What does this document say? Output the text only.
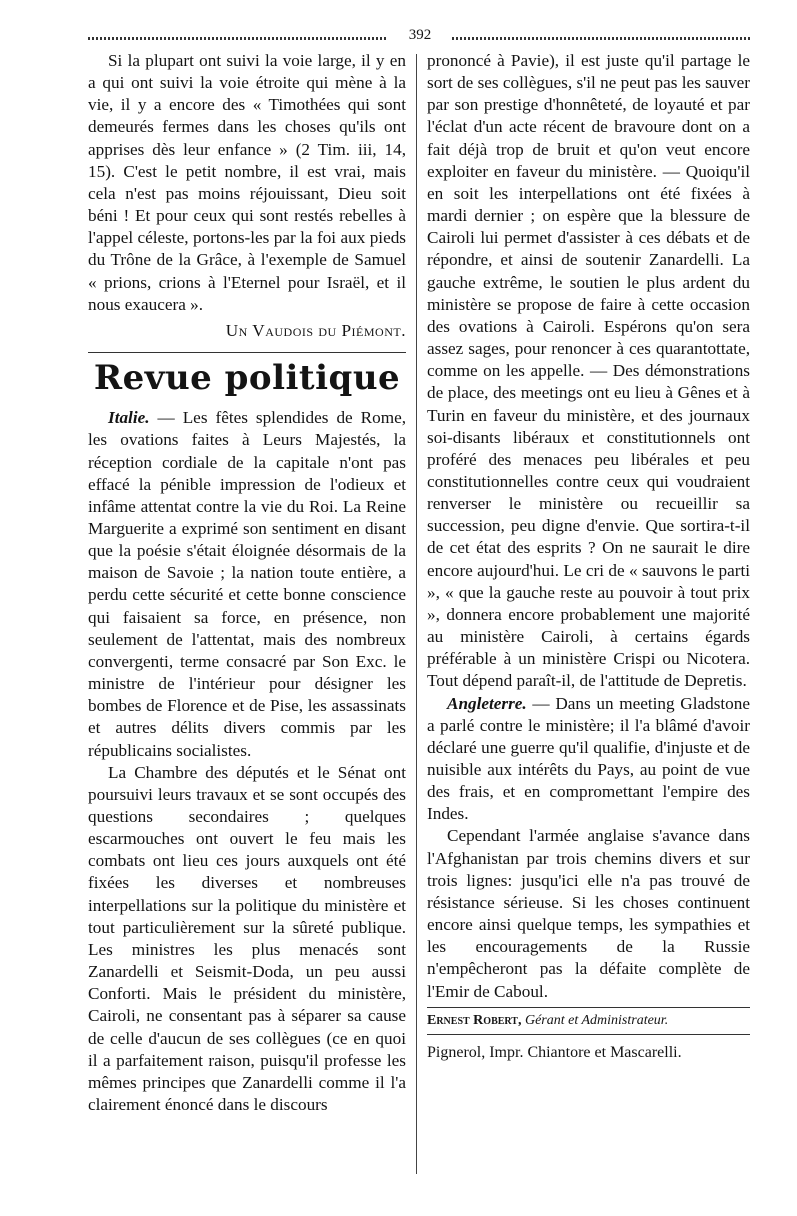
392

Si la plupart ont suivi la voie large, il y en a qui ont suivi la voie étroite qui mène à la vie, il y a encore des « Timothées qui sont demeurés fermes dans les choses qu'ils ont apprises dès leur enfance » (2 Tim. iii, 14, 15). C'est le petit nombre, il est vrai, mais cela n'est pas moins réjouissant, Dieu soit béni ! Et pour ceux qui sont restés rebelles à l'appel céleste, portons-les par la foi aux pieds du Trône de la Grâce, à l'exemple de Samuel « prions, crions à l'Eternel pour Israël, et il nous exaucera ».

Un Vaudois du Piémont.

Revue politique

Italie. — Les fêtes splendides de Rome, les ovations faites à Leurs Majestés, la réception cordiale de la capitale n'ont pas effacé la pénible impression de l'odieux et infâme attentat contre la vie du Roi. La Reine Marguerite a exprimé son sentiment en disant que la poésie s'était éloignée désormais de la maison de Savoie ; la nation toute entière, a perdu cette sécurité et cette bonne conscience qui faisaient sa force, en présence, non seulement de l'attentat, mais des nombreux convergenti, terme consacré par Son Exc. le ministre de l'intérieur pour désigner les bombes de Florence et de Pise, les assassinats et autres délits divers commis par les républicains socialistes.

La Chambre des députés et le Sénat ont poursuivi leurs travaux et se sont occupés des questions secondaires ; quelques escarmouches ont ouvert le feu mais les combats ont lieu ces jours auxquels ont été fixées les diverses et nombreuses interpellations sur la politique du ministère et tout particulièrement sur la sûreté publique. Les ministres les plus menacés sont Zanardelli et Seismit-Doda, un peu aussi Conforti. Mais le président du ministère, Cairoli, ne consentant pas à séparer sa cause de celle d'aucun de ses collègues (ce en quoi il a parfaitement raison, puisqu'il professe les mêmes principes que Zanardelli comme il l'a clairement énoncé dans le discours

prononcé à Pavie), il est juste qu'il partage le sort de ses collègues, s'il ne peut pas les sauver par son prestige d'honnêteté, de loyauté et par l'éclat d'un acte récent de bravoure dont on a fait déjà trop de bruit et qu'on veut encore exploiter en faveur du ministère. — Quoiqu'il en soit les interpellations ont été fixées à mardi dernier ; on espère que la blessure de Cairoli lui permet d'assister à ces débats et de répondre, et ainsi de soutenir Zanardelli. La gauche extrême, le soutien le plus ardent du ministère se propose de faire à cette occasion des ovations à Cairoli. Espérons qu'on sera assez sages, pour renoncer à ces quarantottate, comme on les appelle. — Des démonstrations de place, des meetings ont eu lieu à Gênes et à Turin en faveur du ministère, et des journaux soi-disants libéraux et constitutionnels ont proféré des menaces peu libérales et peu constitutionnelles contre ceux qui voudraient renverser le ministère ou recueillir sa succession, peu digne d'envie. Que sortira-t-il de cet état des esprits ? On ne saurait le dire encore aujourd'hui. Le cri de « sauvons le parti », « que la gauche reste au pouvoir à tout prix », donnera encore probablement une majorité au ministère Cairoli, à certains égards préférable à un ministère Crispi ou Nicotera. Tout dépend paraît-il, de l'attitude de Depretis.

Angleterre. — Dans un meeting Gladstone a parlé contre le ministère; il l'a blâmé d'avoir déclaré une guerre qu'il qualifie, d'injuste et de nuisible aux intérêts du Pays, au point de vue des frais, et en compromettant l'empire des Indes.

Cependant l'armée anglaise s'avance dans l'Afghanistan par trois chemins divers et sur trois lignes: jusqu'ici elle n'a pas trouvé de résistance sérieuse. Si les choses continuent encore ainsi quelque temps, les sympathies et les encouragements de la Russie n'empêcheront pas la défaite complète de l'Emir de Caboul.

Ernest Robert, Gérant et Administrateur.

Pignerol, Impr. Chiantore et Mascarelli.
